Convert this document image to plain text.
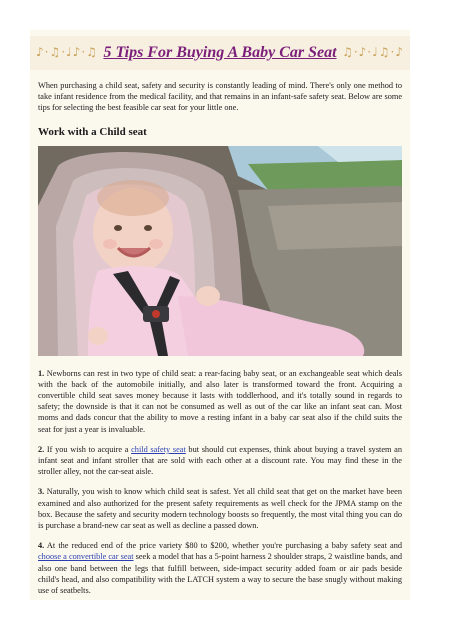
♪·♫·♩♪·♫ 5 Tips For Buying A Baby Car Seat ♫·♪·♩♫·♪

When purchasing a child seat, safety and security is constantly leading of mind. There's only one method to take infant residence from the medical facility, and that remains in an infant-safe safety seat. Below are some tips for selecting the best feasible car seat for your little one.

Work with a Child seat

1. Newborns can rest in two type of child seat: a rear-facing baby seat, or an exchangeable seat which deals with the back of the automobile initially, and also later is transformed toward the front. Acquiring a convertible child seat saves money because it lasts with toddlerhood, and it's totally sound in regards to safety; the downside is that it can not be consumed as well as out of the car like an infant seat can. Most moms and dads concur that the ability to move a resting infant in a baby car seat also if the child suits the seat for just a year is invaluable.

2. If you wish to acquire a child safety seat but should cut expenses, think about buying a travel system an infant seat and infant stroller that are sold with each other at a discount rate. You may find these in the stroller alley, not the car-seat aisle.

3. Naturally, you wish to know which child seat is safest. Yet all child seat that get on the market have been examined and also authorized for the present safety requirements as well check for the JPMA stamp on the box. Because the safety and security modern technology boosts so frequently, the most vital thing you can do is purchase a brand-new car seat as well as decline a passed down.

4. At the reduced end of the price variety $80 to $200, whether you're purchasing a baby safety seat and choose a convertible car seat seek a model that has a 5-point harness 2 shoulder straps, 2 waistline bands, and also one band between the legs that fulfill between, side-impact security added foam or air pads beside child's head, and also compatibility with the LATCH system a way to secure the base snugly without making use of seatbelts.
